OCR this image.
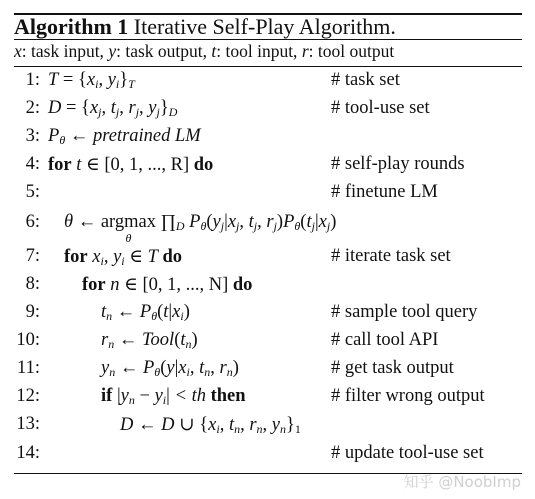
Algorithm 1 Iterative Self-Play Algorithm.
x: task input, y: task output, t: tool input, r: tool output
1: $T = \{x_i$, $y_i\}_T$	# task set
2: $D = \{x_j$, $t_j$, $r_j$, $y_j\}_D$	# tool-use set
3: $P_\theta$ ← pretrained LM
4: for t ∈ [0, 1, ..., R] do	# self-play rounds
5:	# finetune LM
6: θ ← argmax
θ
$\prod_D$ $P_\theta(y_j|x_j$, $t_j$, $r_j)P_\theta(t_j|x_j)$
7: for $x_i$, $y_i$ ∈ T do	# iterate task set
8: for n ∈ [0, 1, ..., N] do
9:	$t_n$ ← $P_\theta(t|x_i)$	# sample tool query
10:	$r_n$ ← $Tool(t_n)$	# call tool API
11:	$y_n$ ← $P_\theta(y|x_i$, $t_n$, $r_n$)	# get task output
12:	if $|y_n - y_i|$ < th then	# filter wrong output
13:	D ← D ∪ {$x_i$, $t_n$, $r_n$, $y_n\}_1$
14:	# update tool-use set
知乎 @NoobImp
